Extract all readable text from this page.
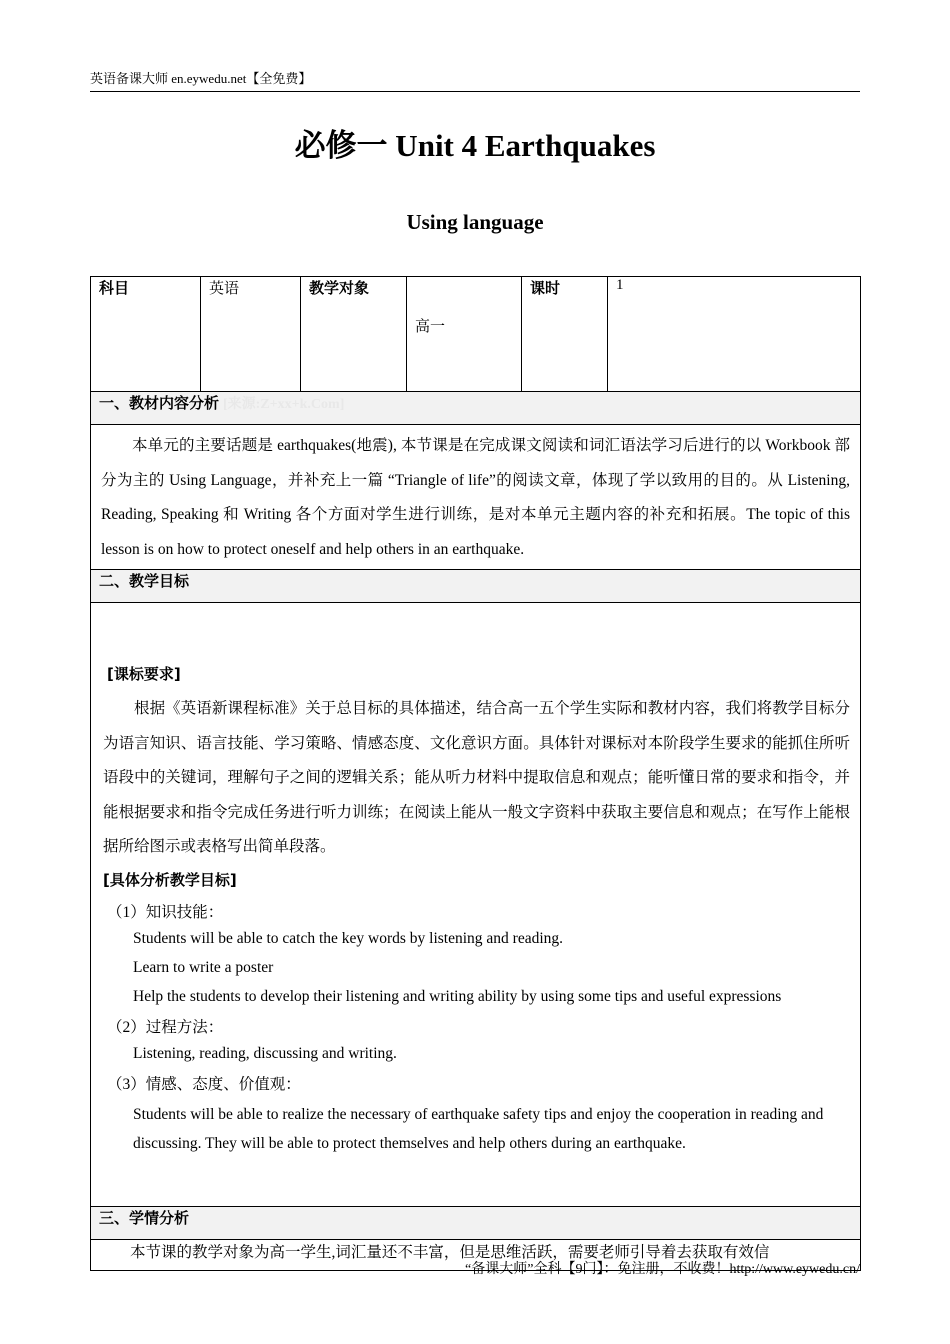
英语备课大师 en.eywedu.net【全免费】
必修一 Unit 4 Earthquakes
Using language
科目	英语	教学对象	高一	课时	1
一、教材内容分析 [来源:Z+xx+k.Com]

本单元的主要话题是 earthquakes(地震), 本节课是在完成课文阅读和词汇语法学习后进行的以 Workbook 部分为主的 Using Language，并补充上一篇 “Triangle of life”的阅读文章，体现了学以致用的目的。从 Listening, Reading, Speaking 和 Writing 各个方面对学生进行训练，是对本单元主题内容的补充和拓展。The topic of this lesson is on how to protect oneself and help others in an earthquake.

二、教学目标

[课标要求]

根据《英语新课程标准》关于总目标的具体描述，结合高一五个学生实际和教材内容，我们将教学目标分为语言知识、语言技能、学习策略、情感态度、文化意识方面。具体针对课标对本阶段学生要求的能抓住所听语段中的关键词，理解句子之间的逻辑关系；能从听力材料中提取信息和观点；能听懂日常的要求和指令，并能根据要求和指令完成任务进行听力训练；在阅读上能从一般文字资料中获取主要信息和观点；在写作上能根据所给图示或表格写出简单段落。

[具体分析教学目标]
（1）知识技能：
Students will be able to catch the key words by listening and reading.
Learn to write a poster
Help the students to develop their listening and writing ability by using some tips and useful expressions
（2）过程方法：
Listening, reading, discussing and writing.
（3）情感、态度、价值观：
Students will be able to realize the necessary of earthquake safety tips and enjoy the cooperation in reading and discussing. They will be able to protect themselves and help others during an earthquake.

三、学情分析

本节课的教学对象为高一学生,词汇量还不丰富，但是思维活跃，需要老师引导着去获取有效信
“备课大师”全科【9门】：免注册，不收费！http://www.eywedu.cn/
